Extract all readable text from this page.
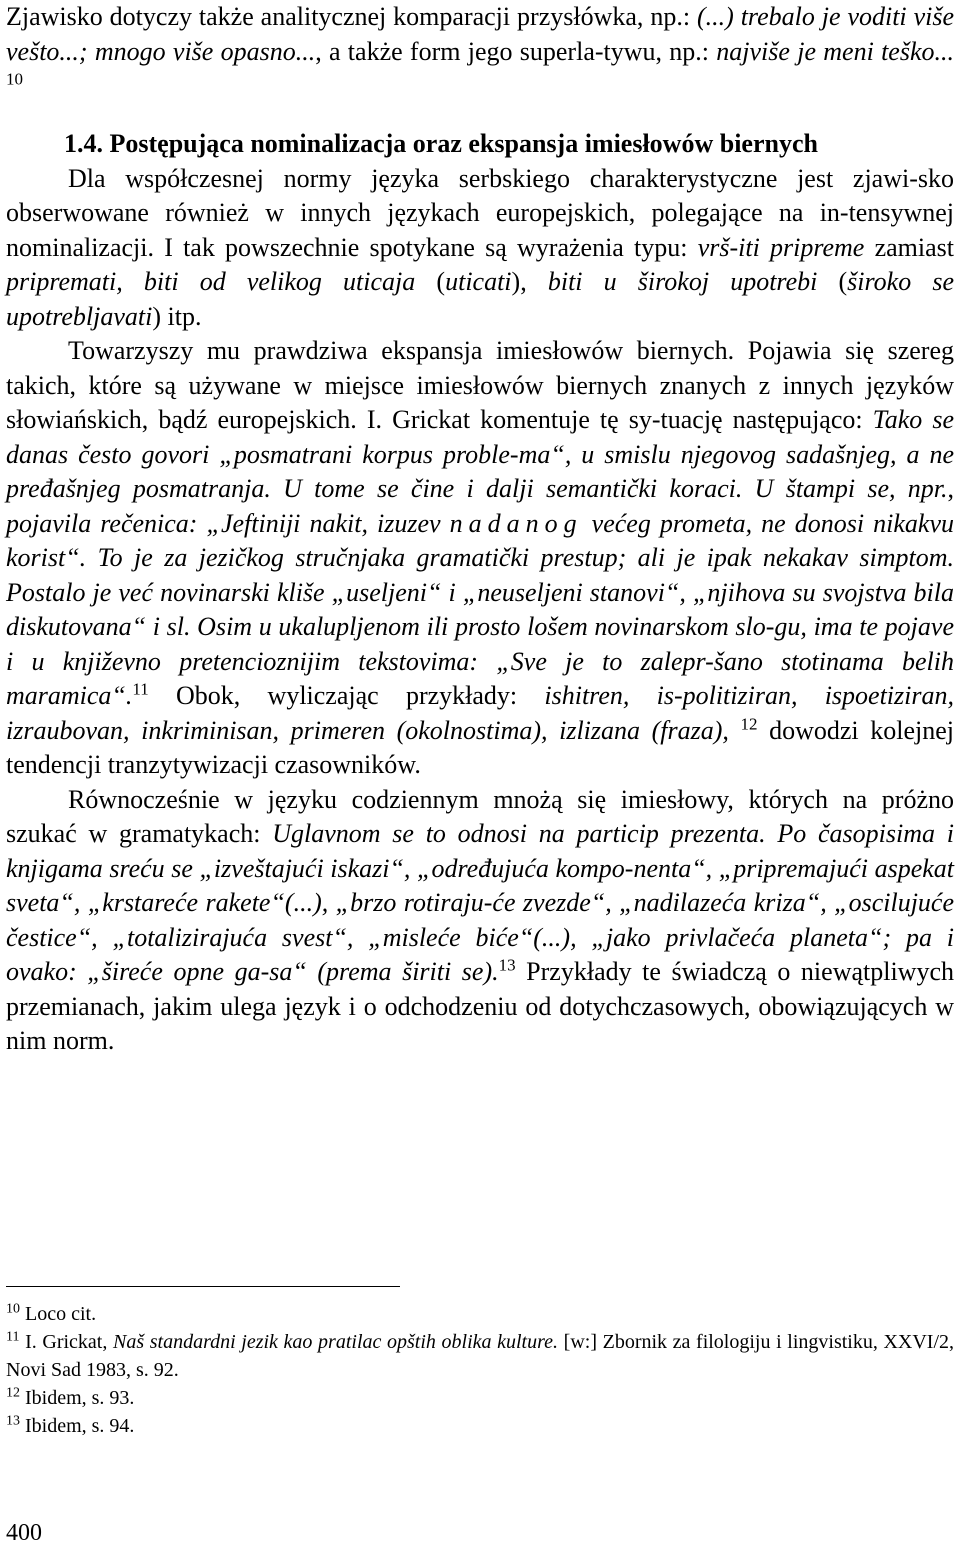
Zjawisko dotyczy także analitycznej komparacji przysłówka, np.: (...) trebalo je voditi više vešto...; mnogo više opasno..., a także form jego superla-tywu, np.: najviše je meni teško... $^{10}$

1.4. Postępująca nominalizacja oraz ekspansja imiesłowów biernych

Dla współczesnej normy języka serbskiego charakterystyczne jest zjawi-sko obserwowane również w innych językach europejskich, polegające na in-tensywnej nominalizacji. I tak powszechnie spotykane są wyrażenia typu: vrš-iti pripreme zamiast pripremati, biti od velikog uticaja (uticati), biti u širokoj upotrebi (široko se upotrebljavati) itp.

Towarzyszy mu prawdziwa ekspansja imiesłowów biernych. Pojawia się szereg takich, które są używane w miejsce imiesłowów biernych znanych z innych języków słowiańskich, bądź europejskich. I. Grickat komentuje tę sy-tuację następująco: Tako se danas često govori „posmatrani korpus proble-ma“, u smislu njegovog sadašnjeg, a ne pređašnjeg posmatranja. U tome se čine i dalji semantički koraci. U štampi se, npr., pojavila rečenica: „Jeftiniji nakit, izuzev nadanog većeg prometa, ne donosi nikakvu korist“. To je za jezičkog stručnjaka gramatički prestup; ali je ipak nekakav simptom. Postalo je već novinarski kliše „useljeni“ i „neuseljeni stanovi“, „njihova su svojstva bila diskutovana“ i sl. Osim u ukalupljenom ili prosto lošem novinarskom slo-gu, ima te pojave i u književno pretencioznijim tekstovima: „Sve je to zalepr-šano stotinama belih maramica“.$^{11}$ Obok, wyliczając przykłady: ishitren, is-politiziran, ispoetiziran, izraubovan, inkriminisan, primeren (okolnostima), izlizana (fraza), $^{12}$ dowodzi kolejnej tendencji tranzytywizacji czasowników.

Równocześnie w języku codziennym mnożą się imiesłowy, których na próżno szukać w gramatykach: Uglavnom se to odnosi na particip prezenta. Po časopisima i knjigama sreću se „izveštajući iskazi“, „određujuća kompo-nenta“, „pripremajući aspekat sveta“, „krstareće rakete“(...), „brzo rotiraju-će zvezde“, „nadilazeća kriza“, „oscilujuće čestice“, „totalizirajuća svest“, „misleće biće“(...), „jako privlačeća planeta“; pa i ovako: „šireće opne ga-sa“ (prema širiti se).$^{13}$ Przykłady te świadczą o niewątpliwych przemianach, jakim ulega język i o odchodzeniu od dotychczasowych, obowiązujących w nim norm.

$^{10}$ Loco cit.

$^{11}$ I. Grickat, Naš standardni jezik kao pratilac opštih oblika kulture. [w:] Zbornik za filologiju i lingvistiku, XXVI/2, Novi Sad 1983, s. 92.

$^{12}$ Ibidem, s. 93.

$^{13}$ Ibidem, s. 94.

400
